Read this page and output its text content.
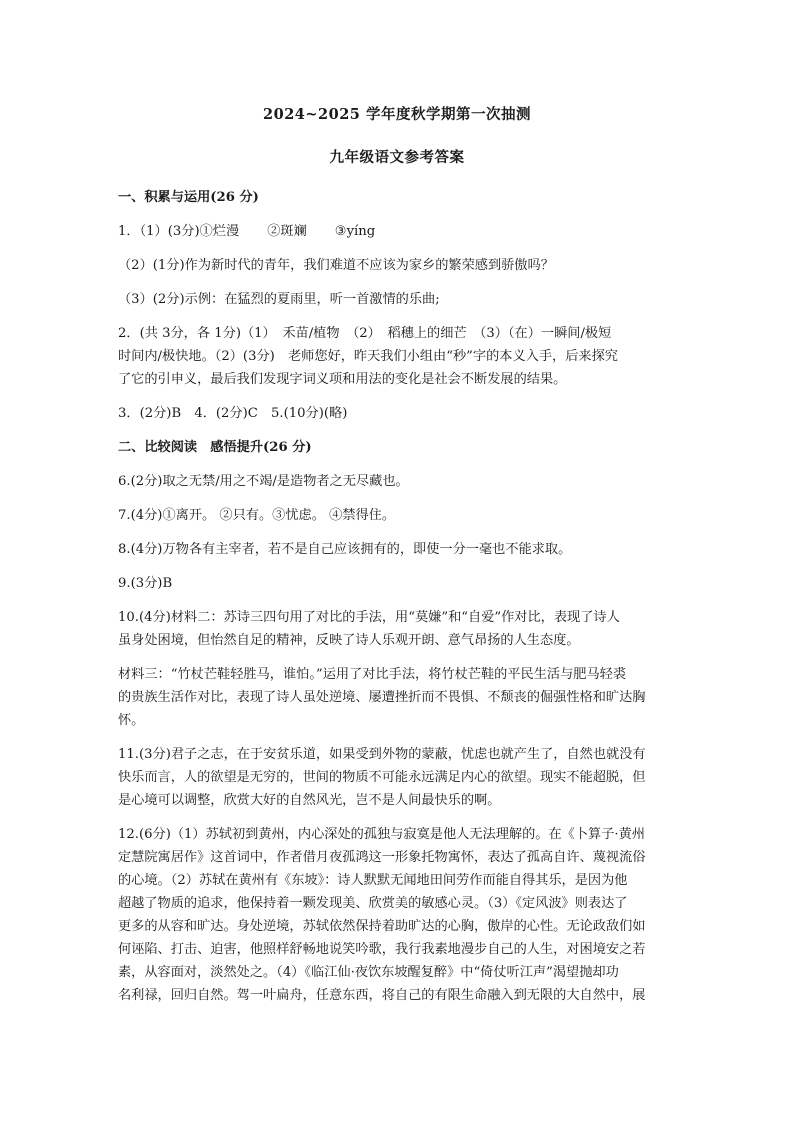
2024~2025 学年度秋学期第一次抽测
九年级语文参考答案
一、积累与运用(26 分)
1．（1）(3分)①烂漫 ②斑斓 ③yíng
（2）(1分)作为新时代的青年，我们难道不应该为家乡的繁荣感到骄傲吗？
（3）(2分)示例：在猛烈的夏雨里，听一首激情的乐曲;
2．(共 3分，各 1分)（1）　禾苗/植物　（2）　稻穗上的细芒　（3）（在）一瞬间/极短
时间内/极快地。（2）(3分)　老师您好，昨天我们小组由“秒”字的本义入手，后来探究
了它的引申义，最后我们发现字词义项和用法的变化是社会不断发展的结果。
3．(2分)B　4．(2分)C　5.(10分)(略)
二、比较阅读　感悟提升(26 分)
6.(2分)取之无禁/用之不竭/是造物者之无尽藏也。
7.(4分)①离开。 ②只有。③忧虑。 ④禁得住。
8.(4分)万物各有主宰者，若不是自己应该拥有的，即使一分一毫也不能求取。
9.(3分)B
10.(4分)材料二：苏诗三四句用了对比的手法，用“莫嫌”和“自爱”作对比，表现了诗人
虽身处困境，但怡然自足的精神，反映了诗人乐观开朗、意气昂扬的人生态度。
材料三：“竹杖芒鞋轻胜马，谁怕。”运用了对比手法，将竹杖芒鞋的平民生活与肥马轻裘
的贵族生活作对比，表现了诗人虽处逆境、屡遭挫折而不畏惧、不颓丧的倔强性格和旷达胸
怀。
11.(3分)君子之志，在于安贫乐道，如果受到外物的蒙蔽，忧虑也就产生了，自然也就没有
快乐而言，人的欲望是无穷的，世间的物质不可能永远满足内心的欲望。现实不能超脱，但
是心境可以调整，欣赏大好的自然风光，岂不是人间最快乐的啊。
12.(6分)（1）苏轼初到黄州，内心深处的孤独与寂寞是他人无法理解的。在《卜算子·黄州
定慧院寓居作》这首词中，作者借月夜孤鸿这一形象托物寓怀，表达了孤高自许、蔑视流俗
的心境。（2）苏轼在黄州有《东坡》：诗人默默无闻地田间劳作而能自得其乐，是因为他
超越了物质的追求，他保持着一颗发现美、欣赏美的敏感心灵。（3）《定风波》则表达了
更多的从容和旷达。身处逆境，苏轼依然保持着助旷达的心胸，傲岸的心性。无论政敌们如
何诬陷、打击、迫害，他照样舒畅地说笑吟歌，我行我素地漫步自己的人生，对困境安之若
素，从容面对，淡然处之。（4）《临江仙·夜饮东坡醒复醉》中“倚仗听江声”渴望抛却功
名利禄，回归自然。驾一叶扁舟，任意东西，将自己的有限生命融入到无限的大自然中，展
